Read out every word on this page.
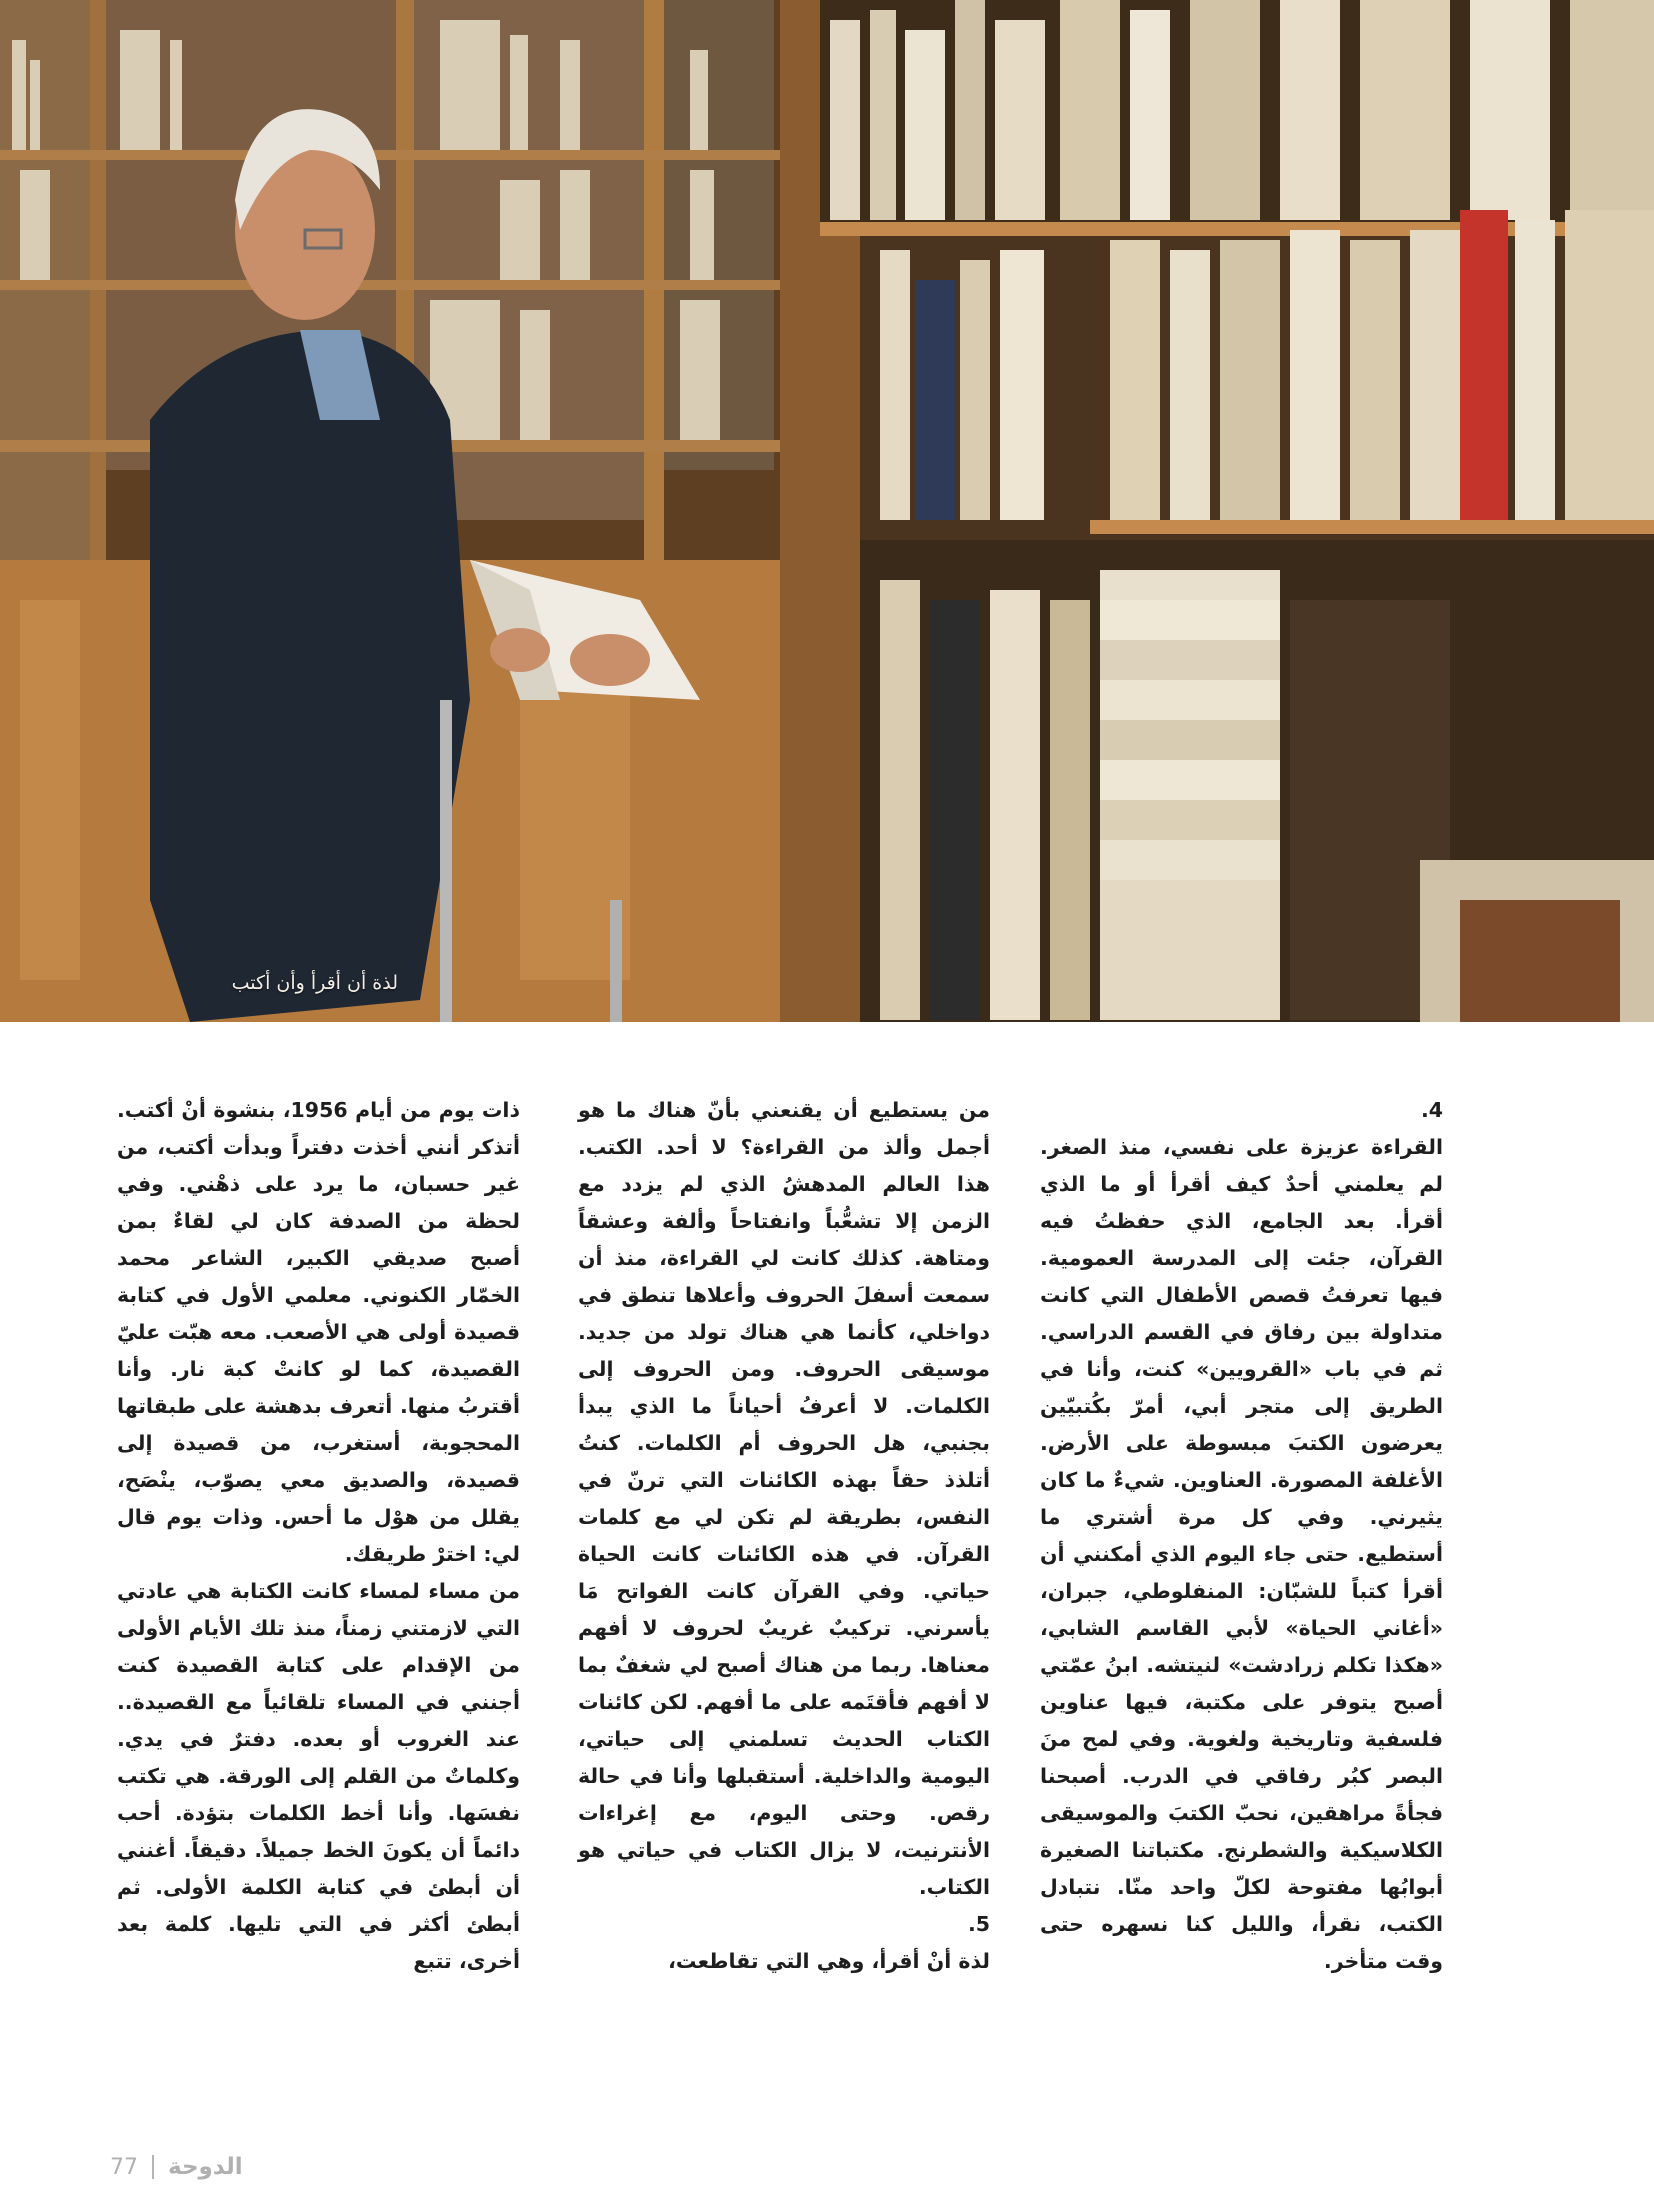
لذة أن أقرأ وأن أكتب

4.

القراءة عزيزة على نفسي، منذ الصغر. لم يعلمني أحدٌ كيف أقرأ أو ما الذي أقرأ. بعد الجامع، الذي حفظتُ فيه القرآن، جئت إلى المدرسة العمومية. فيها تعرفتُ قصص الأطفال التي كانت متداولة بين رفاق في القسم الدراسي. ثم في باب «القرويين» كنت، وأنا في الطريق إلى متجر أبي، أمرّ بكُتبيّين يعرضون الكتبَ مبسوطة على الأرض. الأغلفة المصورة. العناوين. شيءٌ ما كان يثيرني. وفي كل مرة أشتري ما أستطيع. حتى جاء اليوم الذي أمكنني أن أقرأ كتباً للشبّان: المنفلوطي، جبران، «أغاني الحياة» لأبي القاسم الشابي، «هكذا تكلم زرادشت» لنيتشه. ابنُ عمّتي أصبح يتوفر على مكتبة، فيها عناوين فلسفية وتاريخية ولغوية. وفي لمح منَ البصر كبُر رفاقي في الدرب. أصبحنا فجأةً مراهقين، نحبّ الكتبَ والموسيقى الكلاسيكية والشطرنج. مكتباتنا الصغيرة أبوابُها مفتوحة لكلّ واحد منّا. نتبادل الكتب، نقرأ، والليل كنا نسهره حتى وقت متأخر.

من يستطيع أن يقنعني بأنّ هناك ما هو أجمل وألذ من القراءة؟ لا أحد. الكتب. هذا العالم المدهشُ الذي لم يزدد مع الزمن إلا تشعُّباً وانفتاحاً وألفة وعشقاً ومتاهة. كذلك كانت لي القراءة، منذ أن سمعت أسفلَ الحروف وأعلاها تنطق في دواخلي، كأنما هي هناك تولد من جديد. موسيقى الحروف. ومن الحروف إلى الكلمات. لا أعرفُ أحياناً ما الذي يبدأ بجنبي، هل الحروف أم الكلمات. كنتُ أتلذذ حقاً بهذه الكائنات التي ترنّ في النفس، بطريقة لم تكن لي مع كلمات القرآن. في هذه الكائنات كانت الحياة حياتي. وفي القرآن كانت الفواتح مَا يأسرني. تركيبٌ غريبٌ لحروف لا أفهم معناها. ربما من هناك أصبح لي شغفٌ بما لا أفهم فأقتَمه على ما أفهم. لكن كائنات الكتاب الحديث تسلمني إلى حياتي، اليومية والداخلية. أستقبلها وأنا في حالة رقص. وحتى اليوم، مع إغراءات الأنترنيت، لا يزال الكتاب في حياتي هو الكتاب.

5.

لذة أنْ أقرأ، وهي التي تقاطعت،

ذات يوم من أيام 1956، بنشوة أنْ أكتب. أتذكر أنني أخذت دفتراً وبدأت أكتب، من غير حسبان، ما يرد على ذهْني. وفي لحظة من الصدفة كان لي لقاءٌ بمن أصبح صديقي الكبير، الشاعر محمد الخمّار الكنوني. معلمي الأول في كتابة قصيدة أولى هي الأصعب. معه هبّت عليّ القصيدة، كما لو كانتْ كبة نار. وأنا أقتربُ منها. أتعرف بدهشة على طبقاتها المحجوبة، أستغرب، من قصيدة إلى قصيدة، والصديق معي يصوّب، ينْصَح، يقلل من هوْل ما أحس. وذات يوم قال لي: اخترْ طريقك.

من مساء لمساء كانت الكتابة هي عادتي التي لازمتني زمناً، منذ تلك الأيام الأولى من الإقدام على كتابة القصيدة كنت أجنني في المساء تلقائياً مع القصيدة.. عند الغروب أو بعده. دفترٌ في يدي. وكلماتٌ من القلم إلى الورقة. هي تكتب نفسَها. وأنا أخط الكلمات بتؤدة. أحب دائماً أن يكونَ الخط جميلاً. دقيقاً. أغنني أن أبطئ في كتابة الكلمة الأولى. ثم أبطئ أكثر في التي تليها. كلمة بعد أخرى، تتبع

77 الدوحة
